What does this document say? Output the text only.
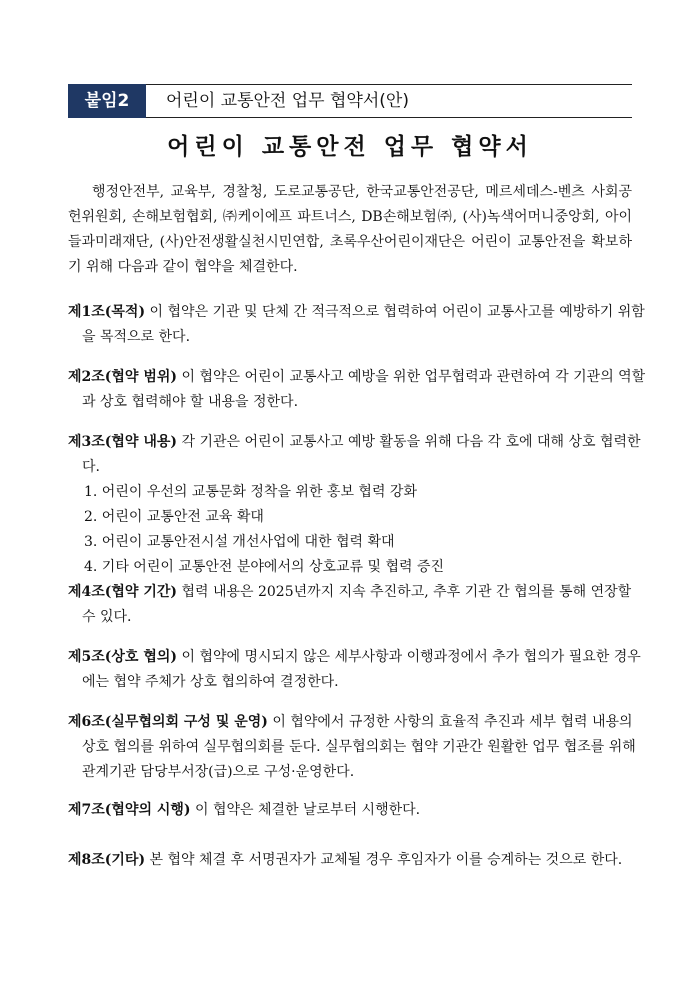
붙임2	어린이 교통안전 업무 협약서(안)
어린이 교통안전 업무 협약서

행정안전부, 교육부, 경찰청, 도로교통공단, 한국교통안전공단, 메르세데스-벤츠 사회공헌위원회, 손해보험협회, ㈜케이에프 파트너스, DB손해보험㈜, (사)녹색어머니중앙회, 아이들과미래재단, (사)안전생활실천시민연합, 초록우산어린이재단은 어린이 교통안전을 확보하기 위해 다음과 같이 협약을 체결한다.

제1조(목적) 이 협약은 기관 및 단체 간 적극적으로 협력하여 어린이 교통사고를 예방하기 위함을 목적으로 한다.
제2조(협약 범위) 이 협약은 어린이 교통사고 예방을 위한 업무협력과 관련하여 각 기관의 역할과 상호 협력해야 할 내용을 정한다.
제3조(협약 내용) 각 기관은 어린이 교통사고 예방 활동을 위해 다음 각 호에 대해 상호 협력한다.
1. 어린이 우선의 교통문화 정착을 위한 홍보 협력 강화
2. 어린이 교통안전 교육 확대
3. 어린이 교통안전시설 개선사업에 대한 협력 확대
4. 기타 어린이 교통안전 분야에서의 상호교류 및 협력 증진
제4조(협약 기간) 협력 내용은 2025년까지 지속 추진하고, 추후 기관 간 협의를 통해 연장할 수 있다.
제5조(상호 협의) 이 협약에 명시되지 않은 세부사항과 이행과정에서 추가 협의가 필요한 경우에는 협약 주체가 상호 협의하여 결정한다.
제6조(실무협의회 구성 및 운영) 이 협약에서 규정한 사항의 효율적 추진과 세부 협력 내용의 상호 협의를 위하여 실무협의회를 둔다. 실무협의회는 협약 기관간 원활한 업무 협조를 위해 관계기관 담당부서장(급)으로 구성·운영한다.
제7조(협약의 시행) 이 협약은 체결한 날로부터 시행한다.
제8조(기타) 본 협약 체결 후 서명권자가 교체될 경우 후임자가 이를 승계하는 것으로 한다.
